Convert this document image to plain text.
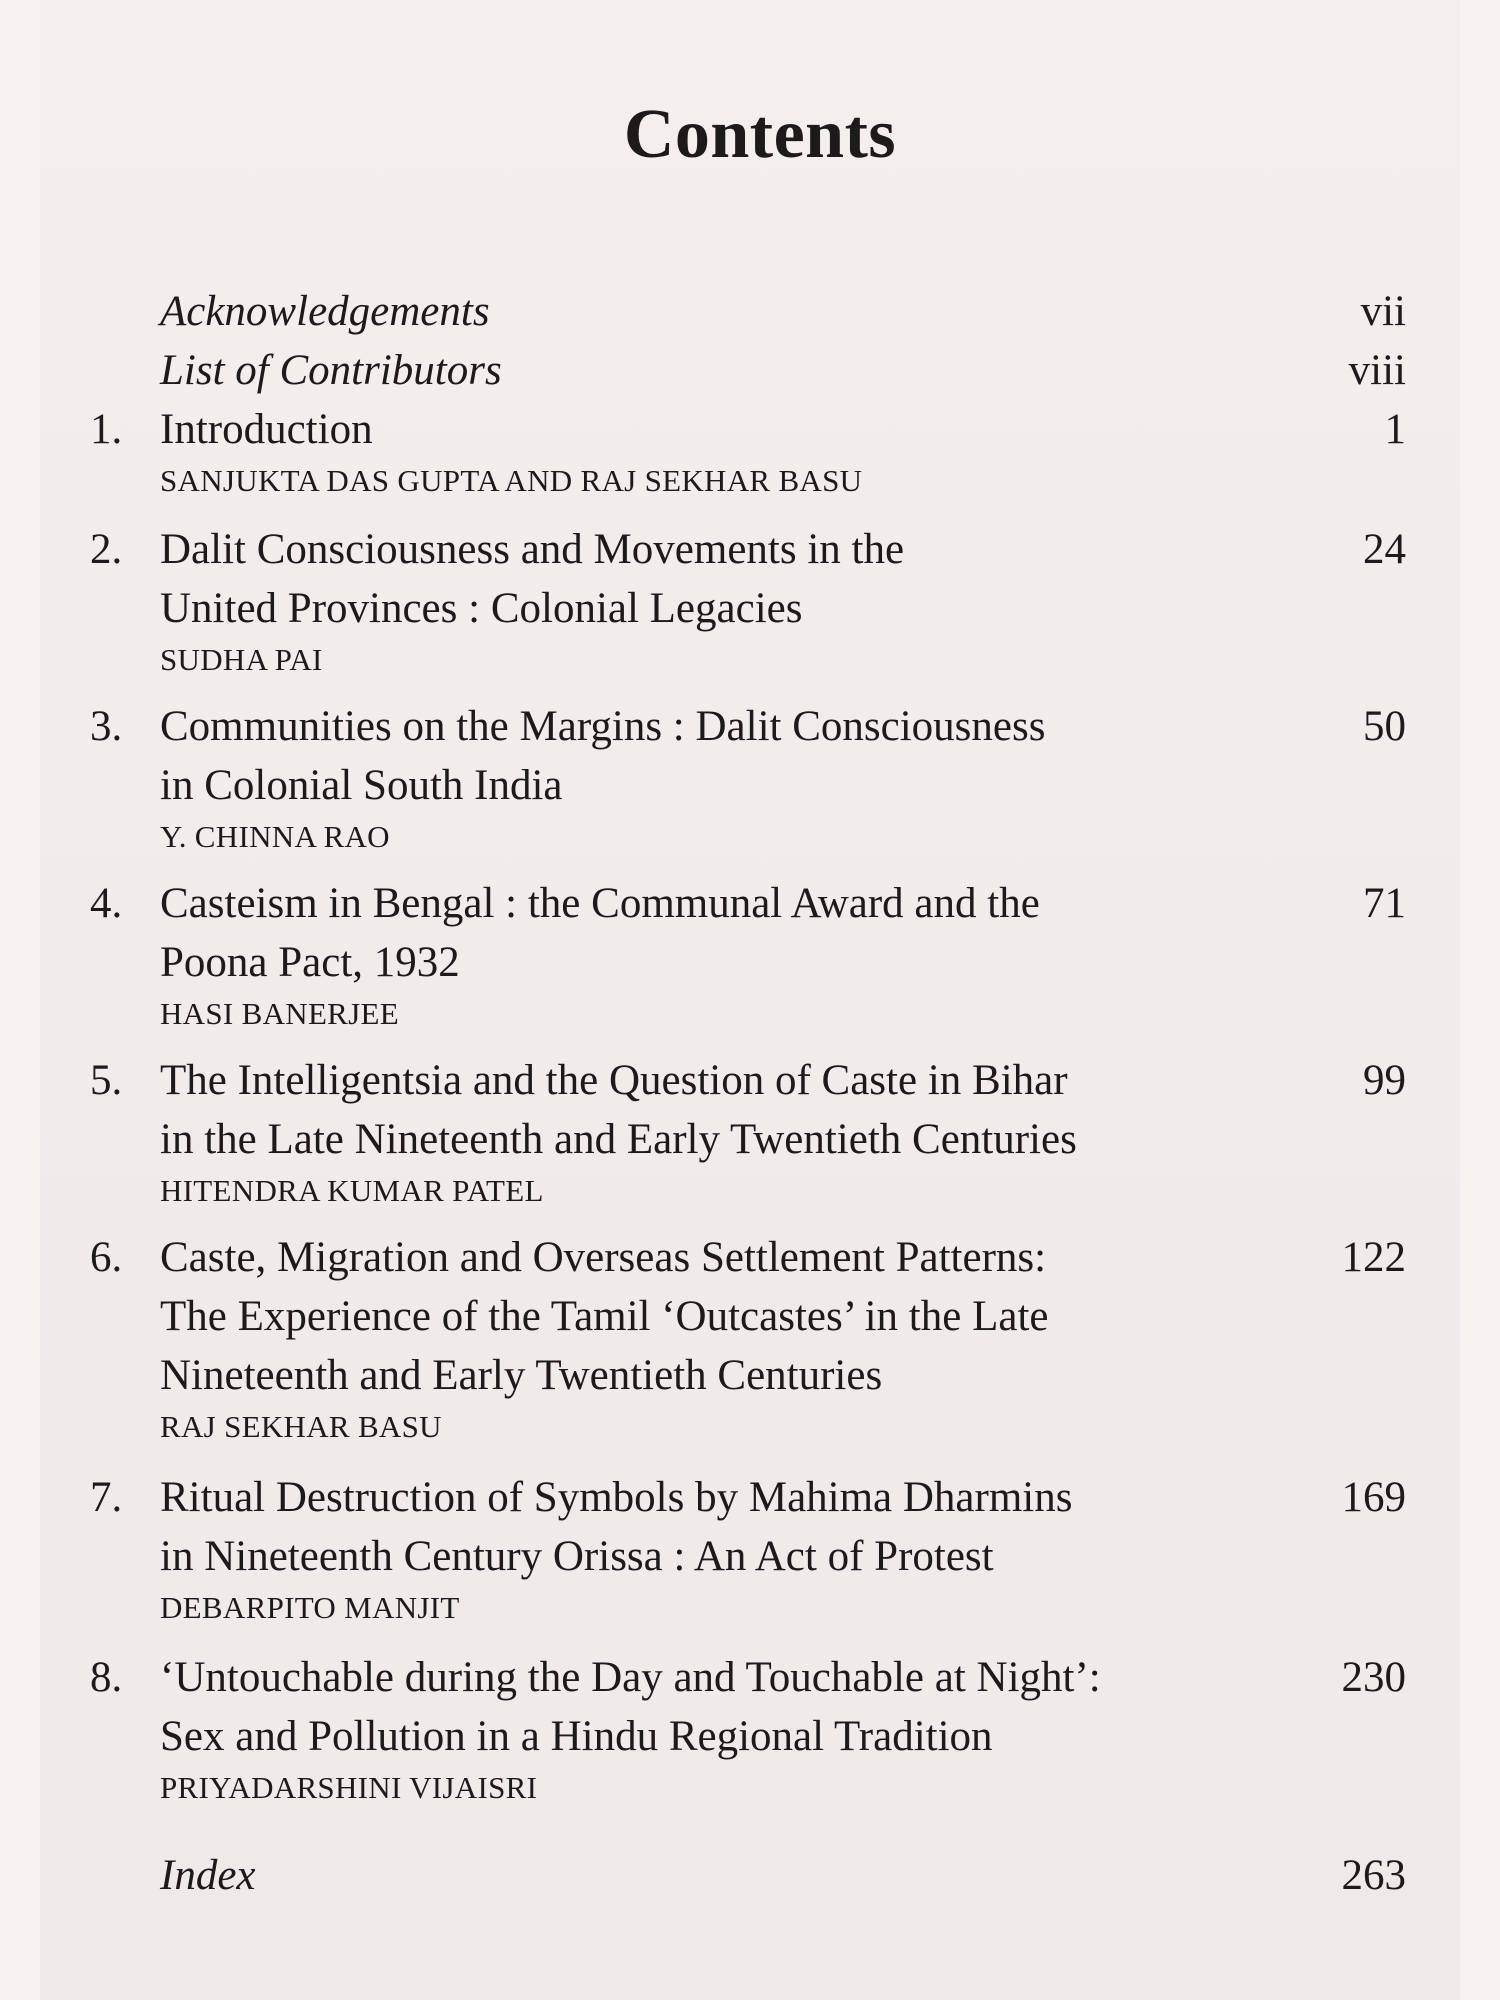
Contents
Acknowledgements	vii
List of Contributors	viii
1. Introduction	1
SANJUKTA DAS GUPTA AND RAJ SEKHAR BASU
2. Dalit Consciousness and Movements in the	24
United Provinces : Colonial Legacies
SUDHA PAI
3. Communities on the Margins : Dalit Consciousness	50
in Colonial South India
Y. CHINNA RAO
4. Casteism in Bengal : the Communal Award and the	71
Poona Pact, 1932
HASI BANERJEE
5. The Intelligentsia and the Question of Caste in Bihar	99
in the Late Nineteenth and Early Twentieth Centuries
HITENDRA KUMAR PATEL
6. Caste, Migration and Overseas Settlement Patterns:	122
The Experience of the Tamil ‘Outcastes’ in the Late
Nineteenth and Early Twentieth Centuries
RAJ SEKHAR BASU
7. Ritual Destruction of Symbols by Mahima Dharmins	169
in Nineteenth Century Orissa : An Act of Protest
DEBARPITO MANJIT
8. ‘Untouchable during the Day and Touchable at Night’:	230
Sex and Pollution in a Hindu Regional Tradition
PRIYADARSHINI VIJAISRI
Index	263
